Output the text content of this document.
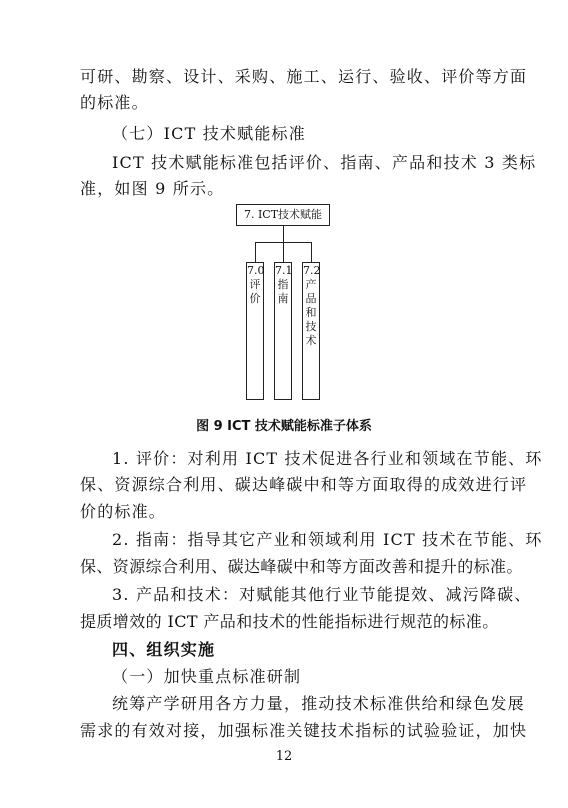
可研、勘察、设计、采购、施工、运行、验收、评价等方面
的标准。
（七）ICT 技术赋能标准
ICT 技术赋能标准包括评价、指南、产品和技术 3 类标
准，如图 9 所示。
7. ICT技术赋能
7.0
评
价
7.1
指
南
7.2
产
品
和
技
术
图 9 ICT 技术赋能标准子体系
1. 评价：对利用 ICT 技术促进各行业和领域在节能、环
保、资源综合利用、碳达峰碳中和等方面取得的成效进行评
价的标准。
2. 指南：指导其它产业和领域利用 ICT 技术在节能、环
保、资源综合利用、碳达峰碳中和等方面改善和提升的标准。
3. 产品和技术：对赋能其他行业节能提效、减污降碳、
提质增效的 ICT 产品和技术的性能指标进行规范的标准。
四、组织实施
（一）加快重点标准研制
统筹产学研用各方力量，推动技术标准供给和绿色发展
需求的有效对接，加强标准关键技术指标的试验验证，加快
12
